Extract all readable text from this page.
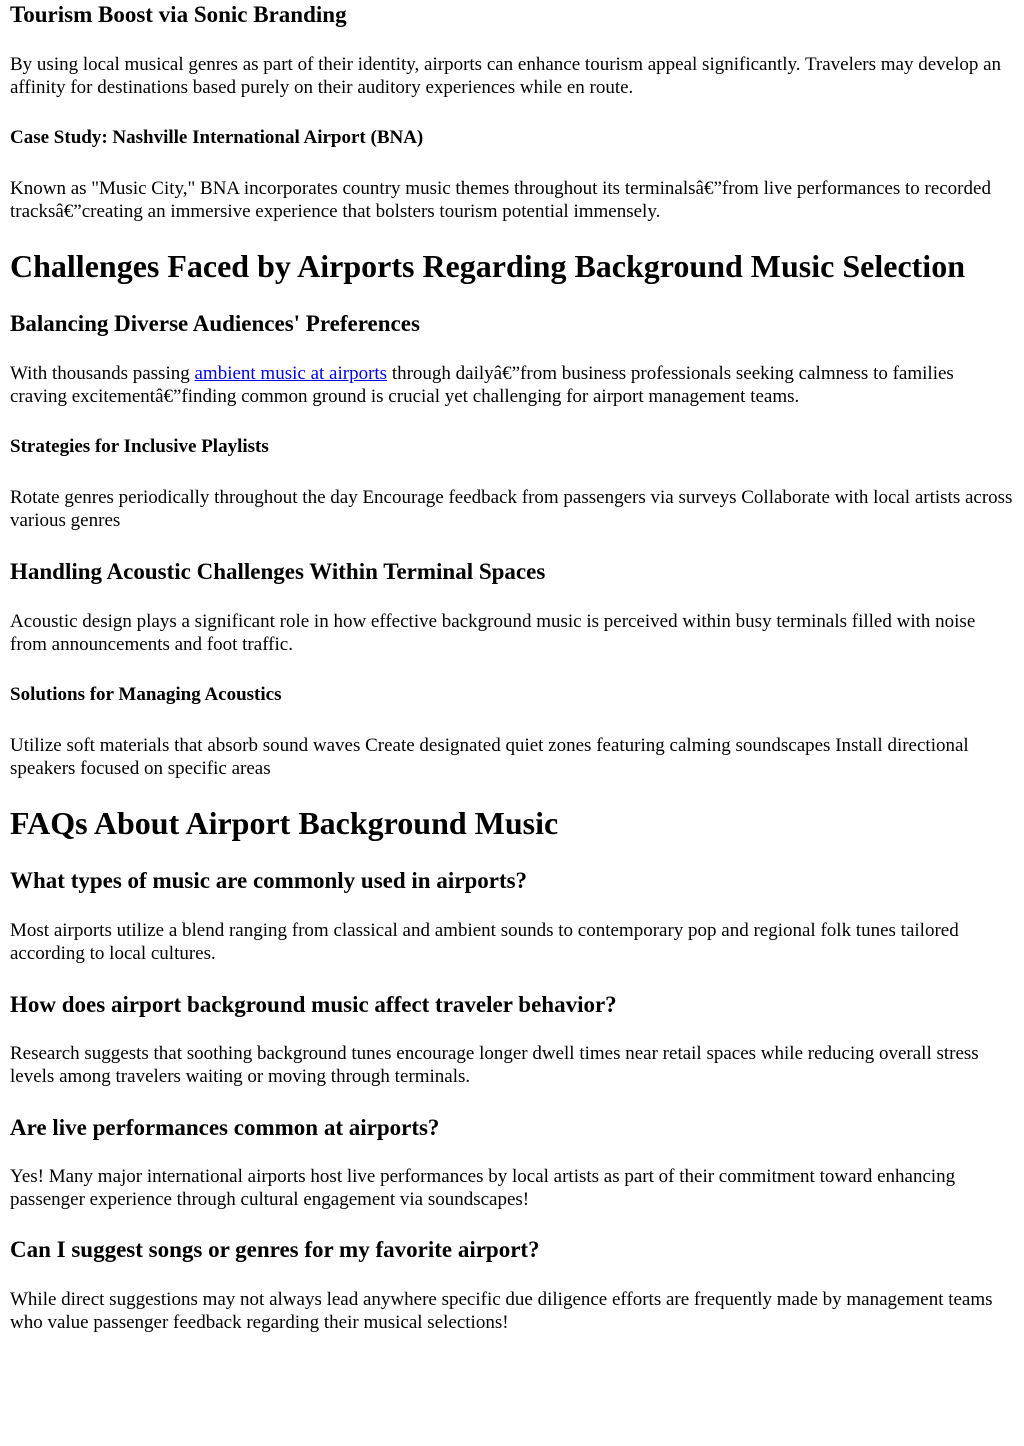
Tourism Boost via Sonic Branding

By using local musical genres as part of their identity, airports can enhance tourism appeal significantly. Travelers may develop an affinity for destinations based purely on their auditory experiences while en route.

Case Study: Nashville International Airport (BNA)

Known as "Music City," BNA incorporates country music themes throughout its terminalsâ€”from live performances to recorded tracksâ€”creating an immersive experience that bolsters tourism potential immensely.

Challenges Faced by Airports Regarding Background Music Selection
Balancing Diverse Audiences' Preferences

With thousands passing ambient music at airports through dailyâ€”from business professionals seeking calmness to families craving excitementâ€”finding common ground is crucial yet challenging for airport management teams.

Strategies for Inclusive Playlists

Rotate genres periodically throughout the day Encourage feedback from passengers via surveys Collaborate with local artists across various genres

Handling Acoustic Challenges Within Terminal Spaces

Acoustic design plays a significant role in how effective background music is perceived within busy terminals filled with noise from announcements and foot traffic.

Solutions for Managing Acoustics

Utilize soft materials that absorb sound waves Create designated quiet zones featuring calming soundscapes Install directional speakers focused on specific areas

FAQs About Airport Background Music
What types of music are commonly used in airports?

Most airports utilize a blend ranging from classical and ambient sounds to contemporary pop and regional folk tunes tailored according to local cultures.

How does airport background music affect traveler behavior?

Research suggests that soothing background tunes encourage longer dwell times near retail spaces while reducing overall stress levels among travelers waiting or moving through terminals.

Are live performances common at airports?

Yes! Many major international airports host live performances by local artists as part of their commitment toward enhancing passenger experience through cultural engagement via soundscapes!

Can I suggest songs or genres for my favorite airport?

While direct suggestions may not always lead anywhere specific due diligence efforts are frequently made by management teams who value passenger feedback regarding their musical selections!
